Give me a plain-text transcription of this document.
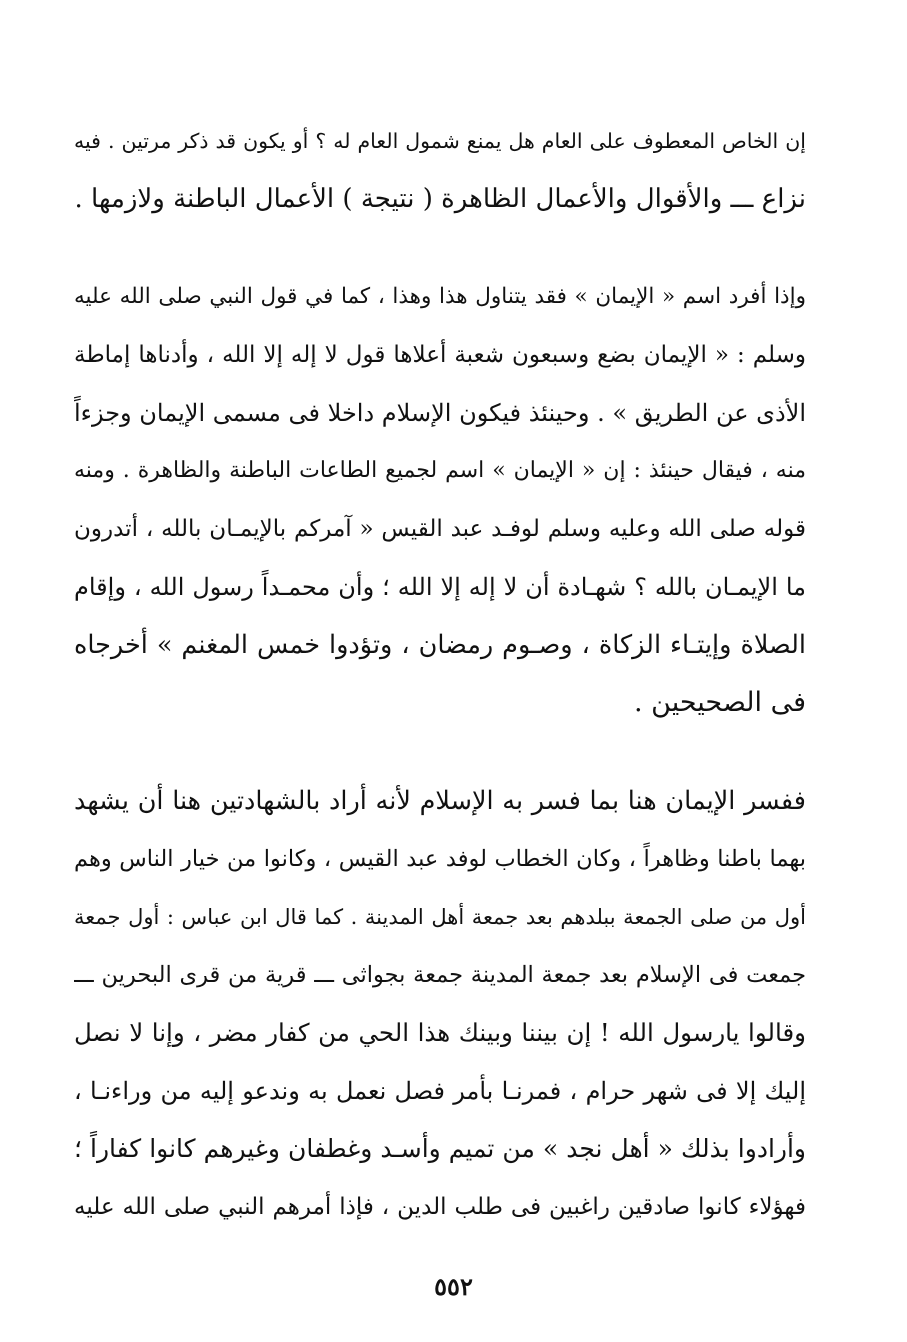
إن الخاص المعطوف على العام هل يمنع شمول العام له ؟ أو يكون قد ذكر مرتين . فيه
نزاع ـــ والأقوال والأعمال الظاهرة ( نتيجة ) الأعمال الباطنة ولازمها .
وإذا أفرد اسم « الإيمان » فقد يتناول هذا وهذا ، كما في قول النبي صلى الله عليه
وسلم : « الإيمان بضع وسبعون شعبة أعلاها قول لا إله إلا الله ، وأدناها إماطة
الأذى عن الطريق » . وحينئذ فيكون الإسلام داخلا فى مسمى الإيمان وجزءاً
منه ، فيقال حينئذ : إن « الإيمان » اسم لجميع الطاعات الباطنة والظاهرة . ومنه
قوله صلى الله وعليه وسلم لوفـد عبد القيس « آمركم بالإيمـان بالله ، أتدرون
ما الإيمـان بالله ؟ شهـادة أن لا إله إلا الله ؛ وأن محمـداً رسول الله ، وإقام
الصلاة وإيتـاء الزكاة ، وصـوم رمضان ، وتؤدوا خمس المغنم » أخرجاه
فى الصحيحين .
ففسر الإيمان هنا بما فسر به الإسلام لأنه أراد بالشهادتين هنا أن يشهد
بهما باطنا وظاهراً ، وكان الخطاب لوفد عبد القيس ، وكانوا من خيار الناس وهم
أول من صلى الجمعة ببلدهم بعد جمعة أهل المدينة . كما قال ابن عباس : أول جمعة
جمعت فى الإسلام بعد جمعة المدينة جمعة بجواثى ـــ قرية من قرى البحرين ـــ
وقالوا يارسول الله ! إن بيننا وبينك هذا الحي من كفار مضر ، وإنا لا نصل
إليك إلا فى شهر حرام ، فمرنـا بأمر فصل نعمل به وندعو إليه من وراءنـا ،
وأرادوا بذلك « أهل نجد » من تميم وأسـد وغطفان وغيرهم كانوا كفاراً ؛
فهؤلاء كانوا صادقين راغبين فى طلب الدين ، فإذا أمرهم النبي صلى الله عليه
٥٥٢
